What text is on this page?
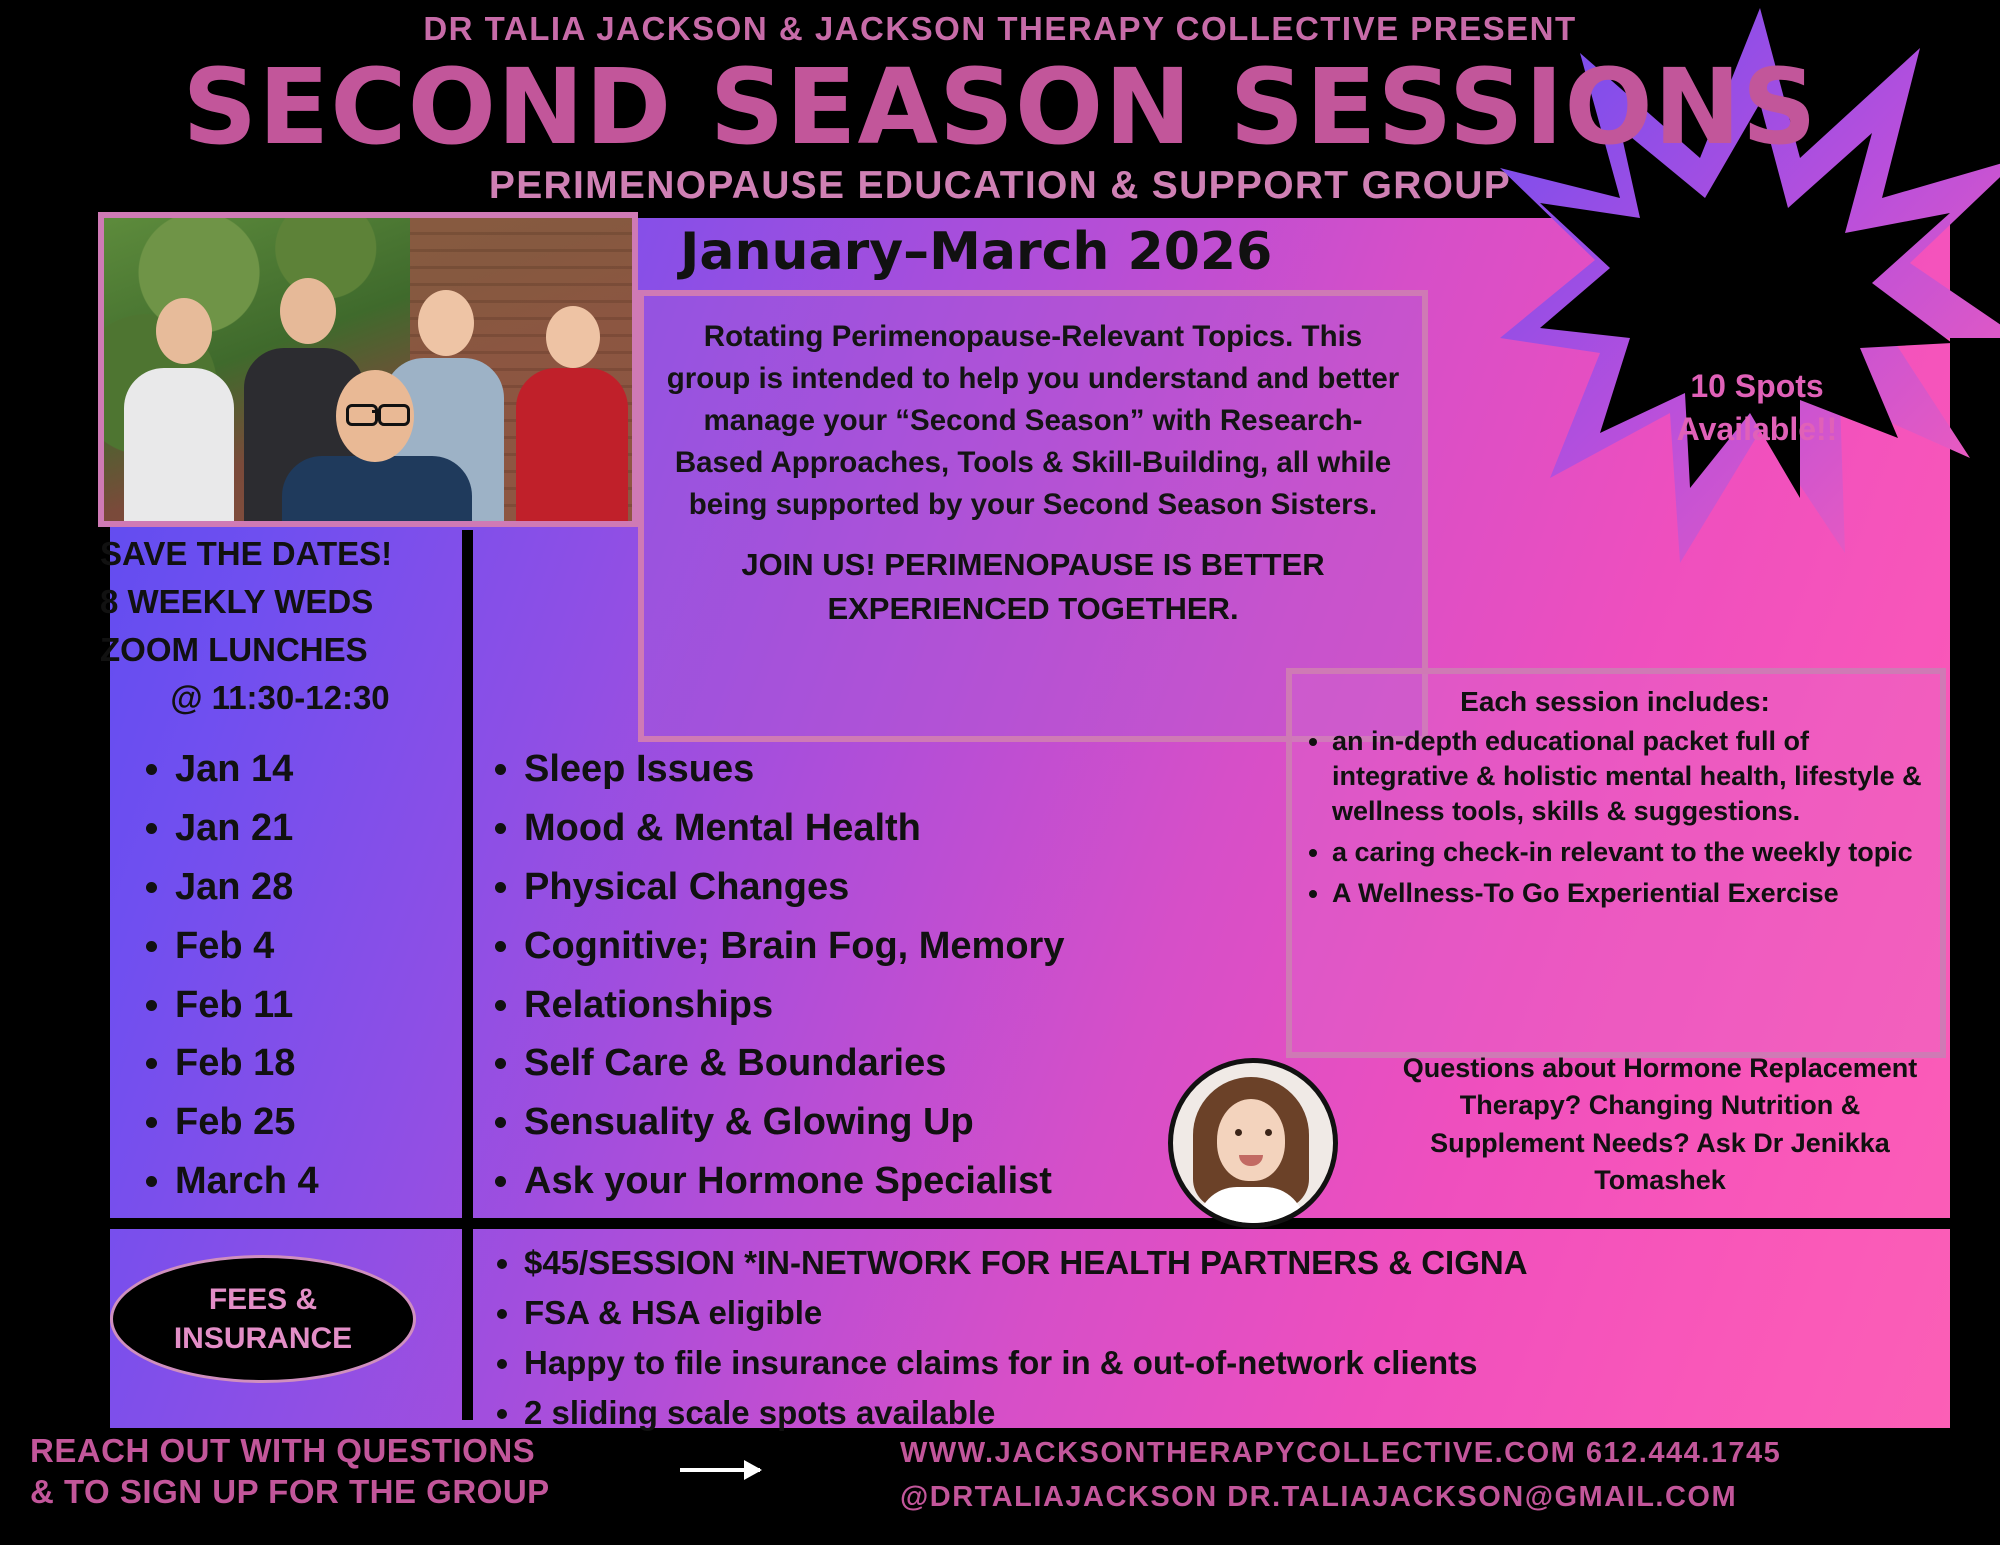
10 Spots
Available!!
DR TALIA JACKSON & JACKSON THERAPY COLLECTIVE PRESENT
SECOND SEASON SESSIONS
PERIMENOPAUSE EDUCATION & SUPPORT GROUP
SAVE THE DATES!
8 WEEKLY WEDS
ZOOM LUNCHES
@ 11:30-12:30
• Jan 14
• Jan 21
• Jan 28
• Feb 4
• Feb 11
• Feb 18
• Feb 25
• March 4
January–March 2026
Rotating Perimenopause-Relevant Topics. This group is intended to help you understand and better manage your “Second Season” with Research-Based Approaches, Tools & Skill-Building, all while being supported by your Second Season Sisters.
JOIN US! PERIMENOPAUSE IS BETTER EXPERIENCED TOGETHER.
• Sleep Issues
• Mood & Mental Health
• Physical Changes
• Cognitive; Brain Fog, Memory
• Relationships
• Self Care & Boundaries
• Sensuality & Glowing Up
• Ask your Hormone Specialist
Each session includes:
• an in-depth educational packet full of integrative & holistic mental health, lifestyle & wellness tools, skills & suggestions.
• a caring check-in relevant to the weekly topic
• A Wellness-To Go Experiential Exercise
Questions about Hormone Replacement Therapy? Changing Nutrition & Supplement Needs? Ask Dr Jenikka Tomashek
FEES &
INSURANCE
• $45/SESSION *IN-NETWORK FOR HEALTH PARTNERS & CIGNA
• FSA & HSA eligible
• Happy to file insurance claims for in & out-of-network clients
• 2 sliding scale spots available
REACH OUT WITH QUESTIONS
& TO SIGN UP FOR THE GROUP
WWW.JACKSONTHERAPYCOLLECTIVE.COM 612.444.1745
@DRTALIAJACKSON DR.TALIAJACKSON@GMAIL.COM
